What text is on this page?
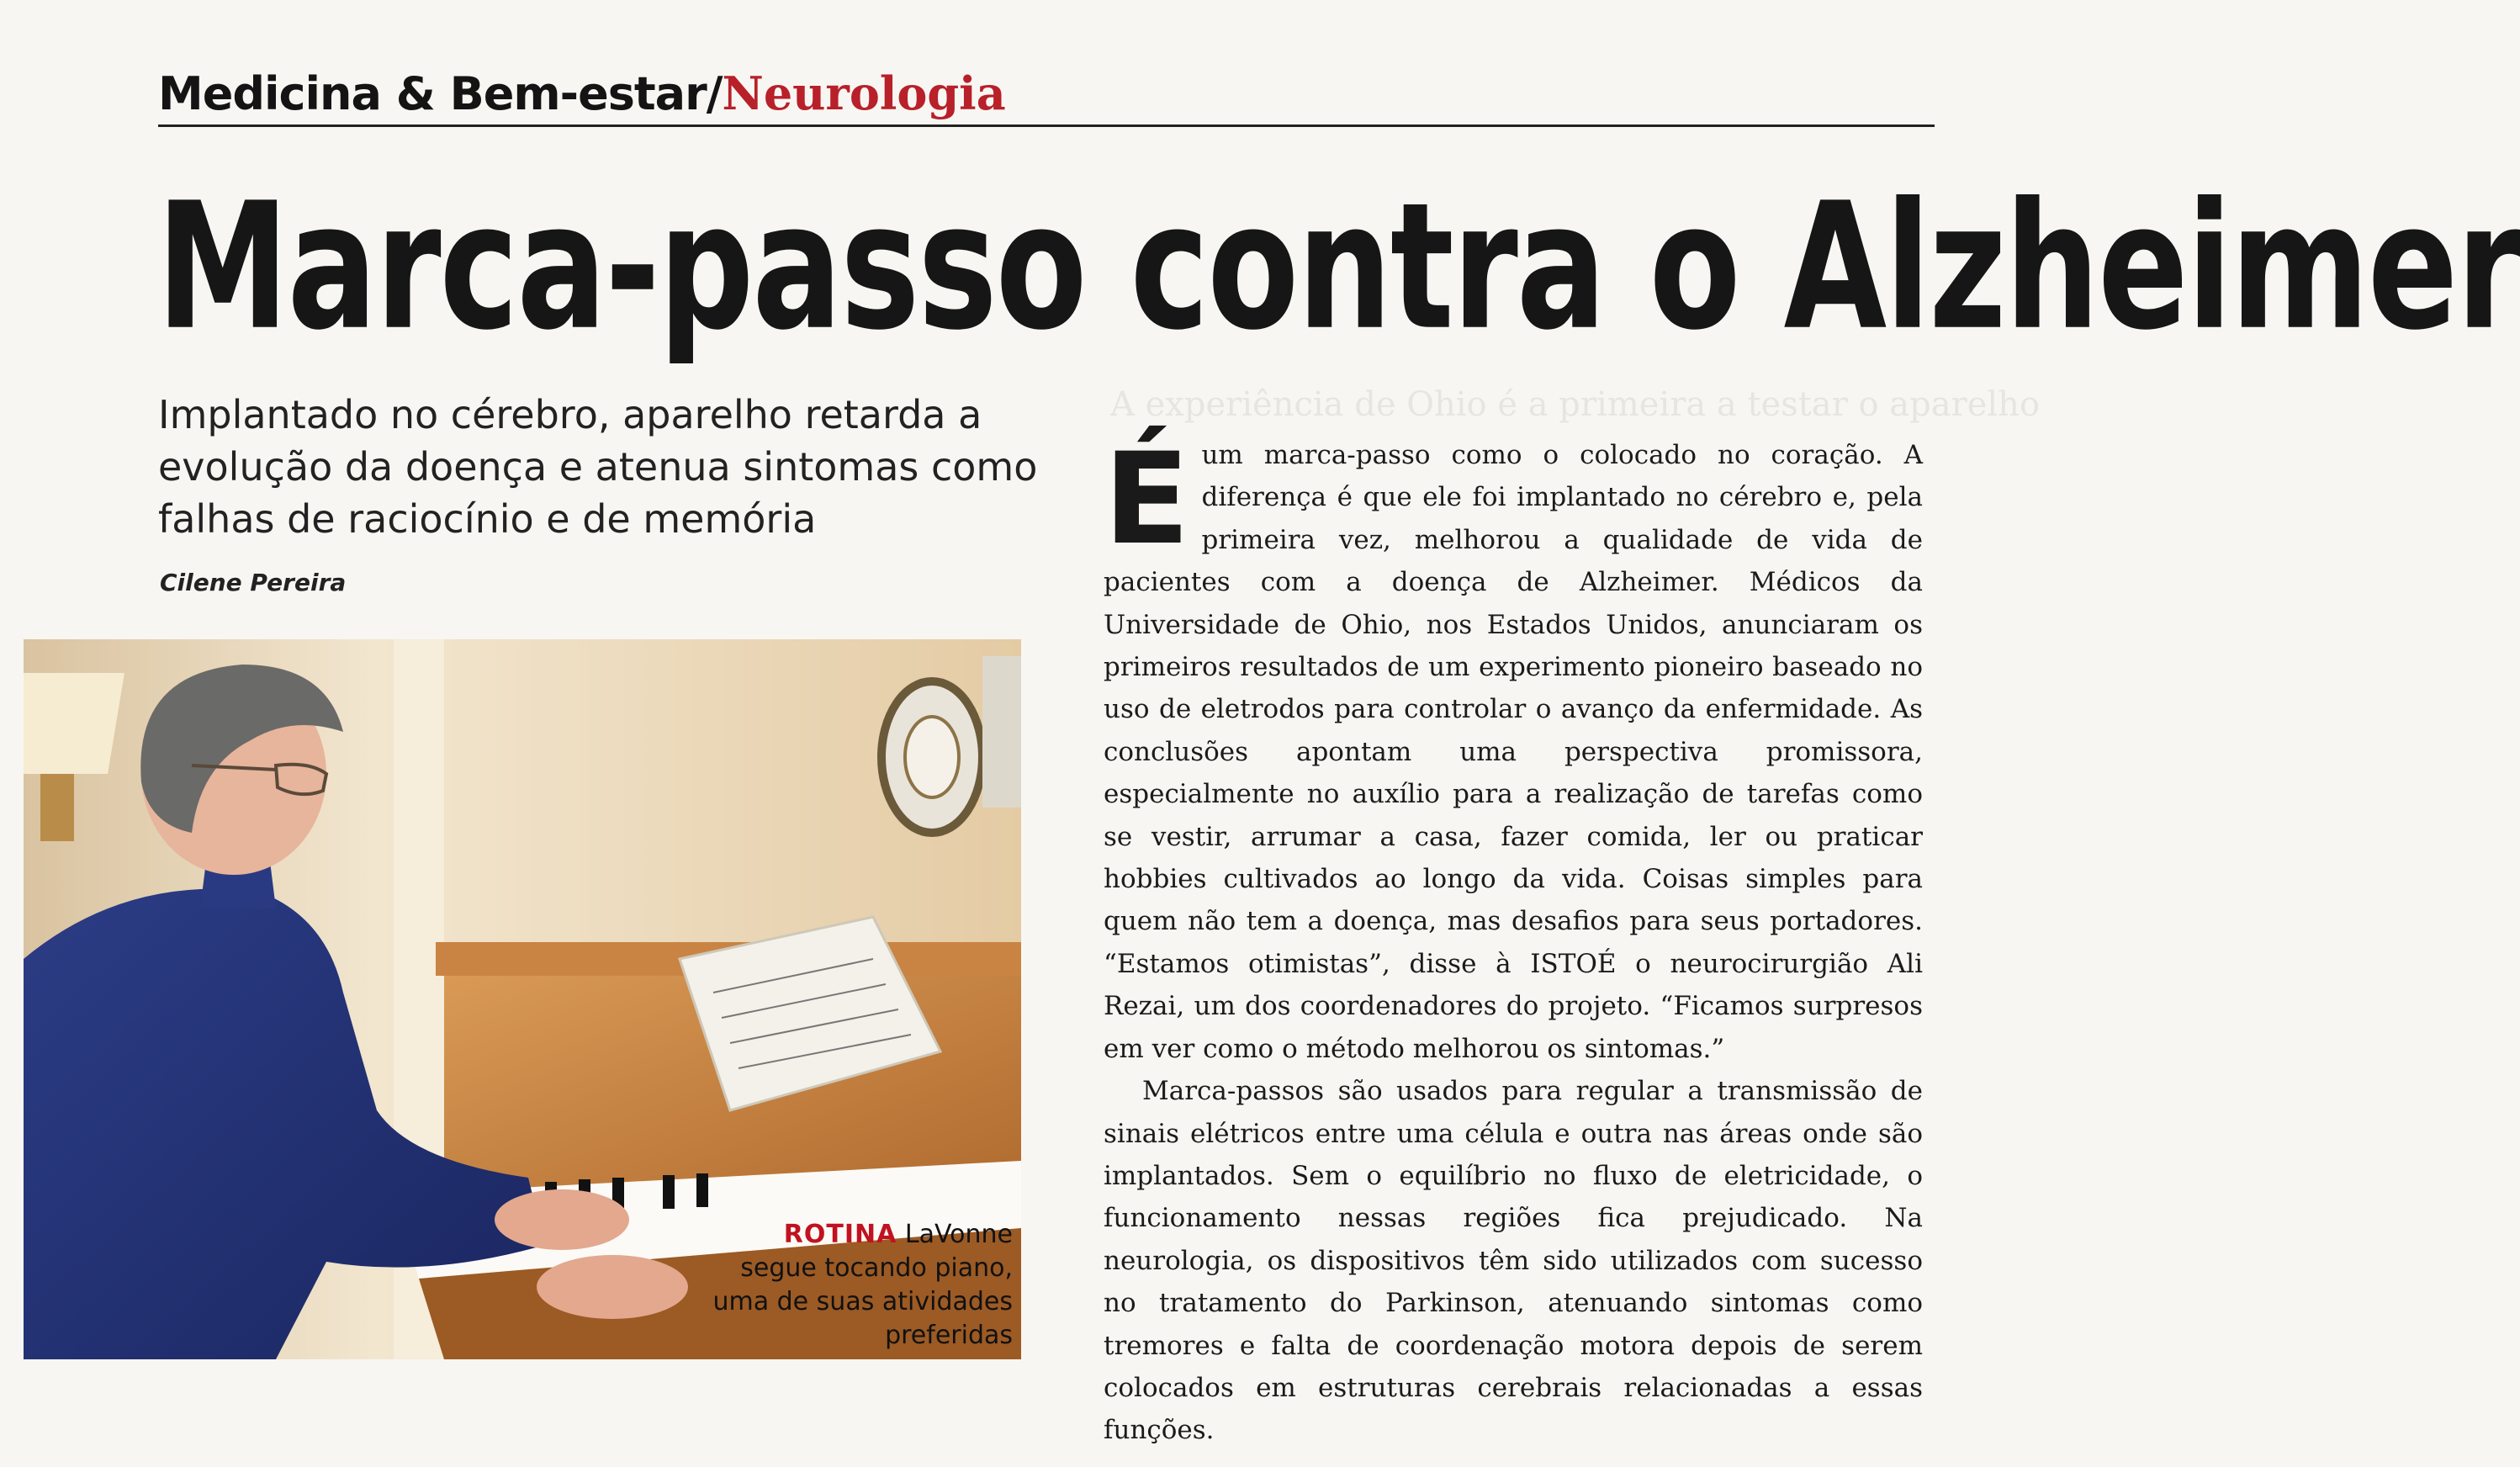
A experiência de Ohio é a primeira a testar o aparelho
Medicina & Bem-estar/Neurologia
Marca-passo contra o Alzheimer
Implantado no cérebro, aparelho retarda a evolução da doença e atenua sintomas como falhas de raciocínio e de memória
Cilene Pereira
ROTINA LaVonne segue tocando piano, uma de suas atividades preferidas

Éum marca-passo como o colocado no coração. A diferença é que ele foi implantado no cérebro e, pela primeira vez, melhorou a qualidade de vida de pacientes com a doença de Alzheimer. Médicos da Universidade de Ohio, nos Estados Unidos, anunciaram os primeiros resultados de um experimento pioneiro baseado no uso de eletrodos para controlar o avanço da enfermidade. As conclusões apontam uma perspectiva promissora, especialmente no auxílio para a realização de tarefas como se vestir, arrumar a casa, fazer comida, ler ou praticar hobbies cultivados ao longo da vida. Coisas simples para quem não tem a doença, mas desafios para seus portadores. “Estamos otimistas”, disse à ISTOÉ o neurocirurgião Ali Rezai, um dos coordenadores do projeto. “Ficamos surpresos em ver como o método melhorou os sintomas.”

Marca-passos são usados para regular a transmissão de sinais elétricos entre uma célula e outra nas áreas onde são implantados. Sem o equilíbrio no fluxo de eletricidade, o funcionamento nessas regiões fica prejudicado. Na neurologia, os dispositivos têm sido utilizados com sucesso no tratamento do Parkinson, atenuando sintomas como tremores e falta de coordenação motora depois de serem colocados em estruturas cerebrais relacionadas a essas funções.
